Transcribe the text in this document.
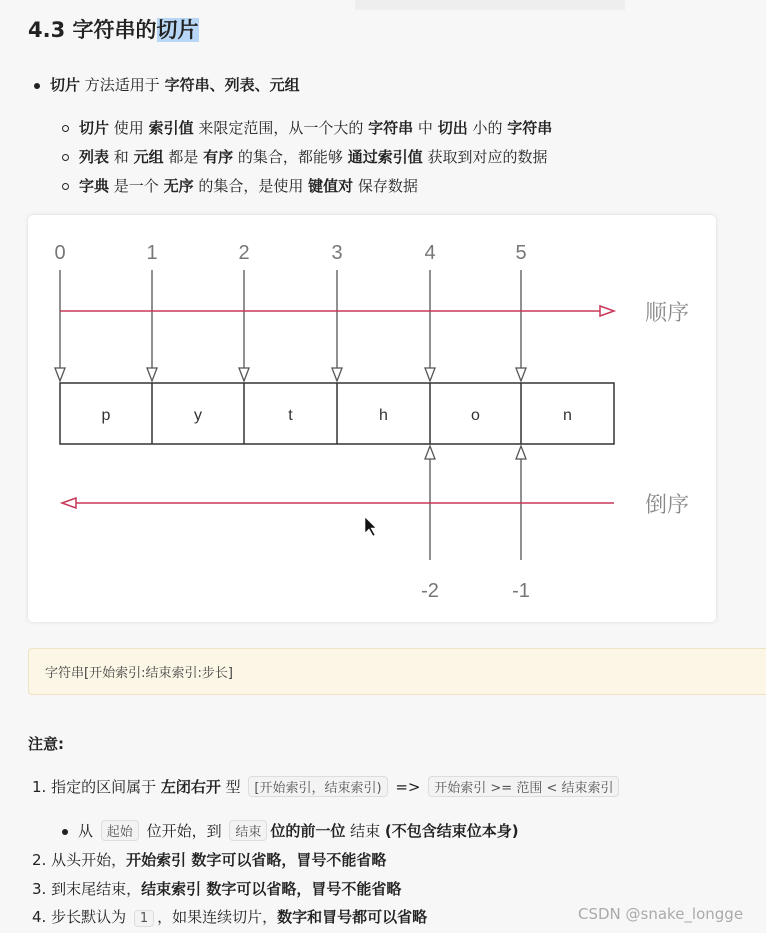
4.3 字符串的切片
切片 方法适用于 字符串、列表、元组
切片 使用 索引值 来限定范围，从一个大的 字符串 中 切出 小的 字符串
列表 和 元组 都是 有序 的集合，都能够 通过索引值 获取到对应的数据
字典 是一个 无序 的集合，是使用 键值对 保存数据
p
0
y
1
t
2
h
3
o
4
n
5
-2	-1
顺序
倒序
字符串[开始索引:结束索引:步长]
注意:
1. 指定的区间属于 左闭右开 型 [开始索引，结束索引) => 开始索引 >= 范围 < 结束索引
从 起始 位开始，到 结束 位的前一位 结束 (不包含结束位本身)
2. 从头开始，开始索引 数字可以省略，冒号不能省略
3. 到末尾结束，结束索引 数字可以省略，冒号不能省略
4. 步长默认为 1 ，如果连续切片，数字和冒号都可以省略	CSDN @snake_longge
